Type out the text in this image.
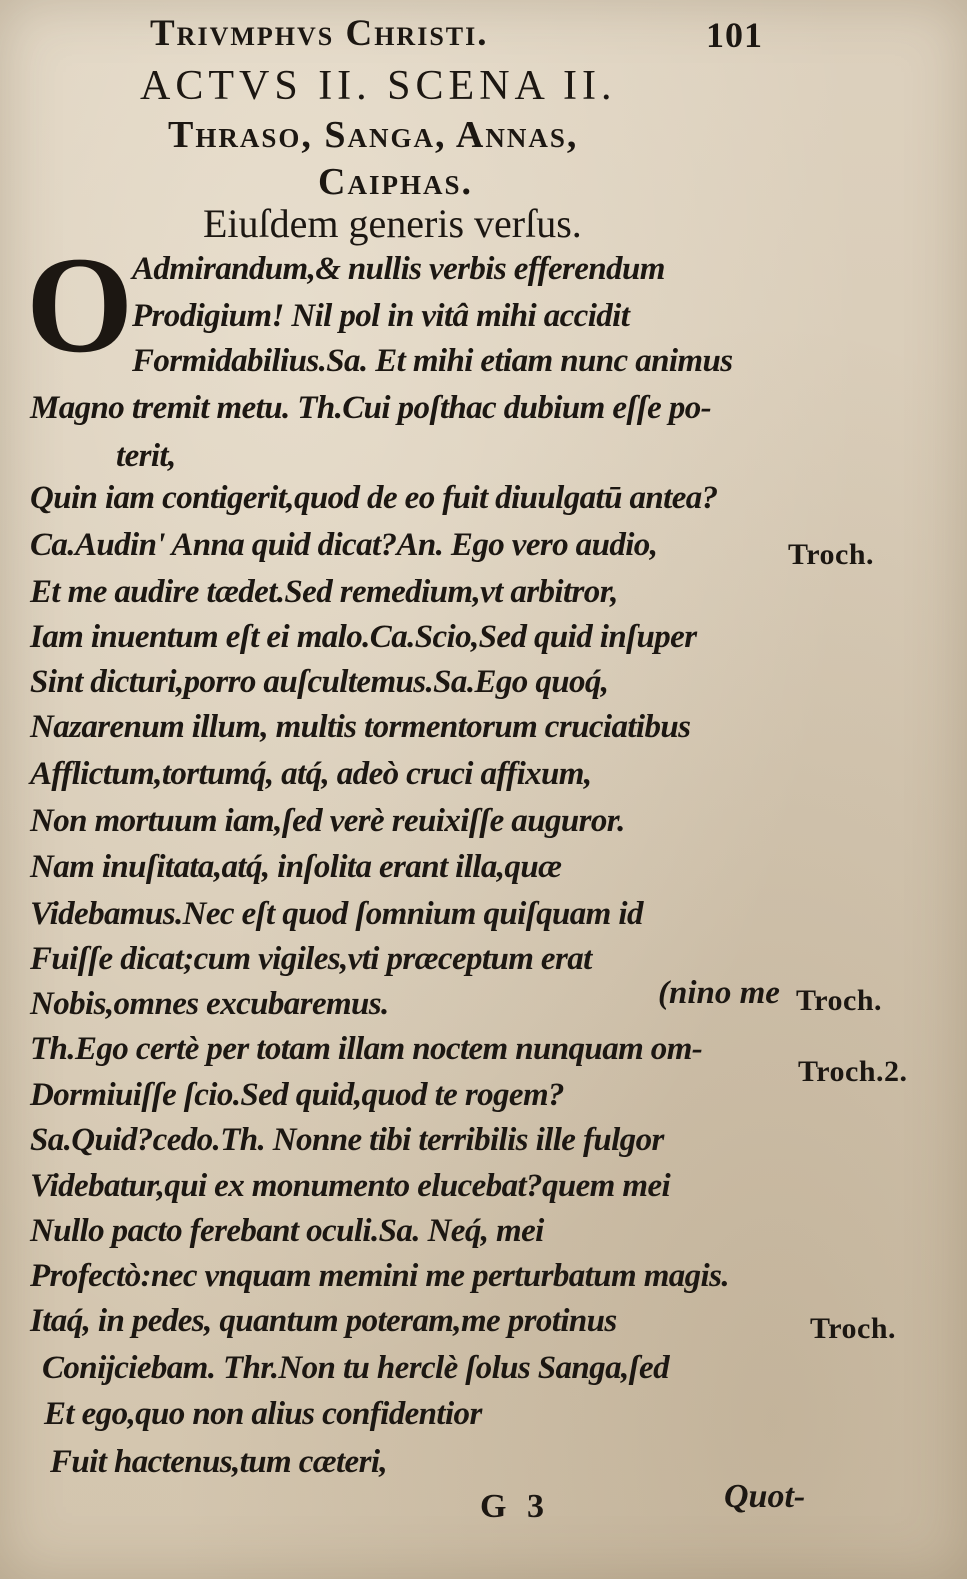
Trivmphvs Christi.	101
ACTVS II. SCENA II.
Thraso, Sanga, Annas,
Caiphas.
Eiuſdem generis verſus.
O
Admirandum,& nullis verbis efferendum
Prodigium! Nil pol in vitâ mihi accidit
Formidabilius.Sa. Et mihi etiam nunc animus
Magno tremit metu. Th.Cui poſthac dubium eſſe po-
terit,
Quin iam contigerit,quod de eo fuit diuulgatū antea?
Ca.Audin' Anna quid dicat?An. Ego vero audio,
Et me audire tædet.Sed remedium,vt arbitror,
Iam inuentum eſt ei malo.Ca.Scio,Sed quid inſuper
Sint dicturi,porro auſcultemus.Sa.Ego quoq́,
Nazarenum illum, multis tormentorum cruciatibus
Afflictum,tortumq́, atq́, adeò cruci affixum,
Non mortuum iam,ſed verè reuixiſſe auguror.
Nam inuſitata,atq́, inſolita erant illa,quæ
Videbamus.Nec eſt quod ſomnium quiſquam id
Fuiſſe dicat;cum vigiles,vti præceptum erat
Nobis,omnes excubaremus.
Th.Ego certè per totam illam noctem nunquam om-
Dormiuiſſe ſcio.Sed quid,quod te rogem?
Sa.Quid?cedo.Th. Nonne tibi terribilis ille fulgor
Videbatur,qui ex monumento elucebat?quem mei
Nullo pacto ferebant oculi.Sa. Neq́, mei
Profectò:nec vnquam memini me perturbatum magis.
Itaq́, in pedes, quantum poteram,me protinus
Conijciebam. Thr.Non tu herclè ſolus Sanga,ſed
Et ego,quo non alius confidentior
Fuit hactenus,tum cæteri,
(nino me
Troch.
Troch.
Troch.2.
Troch.
G 3	Quot-
